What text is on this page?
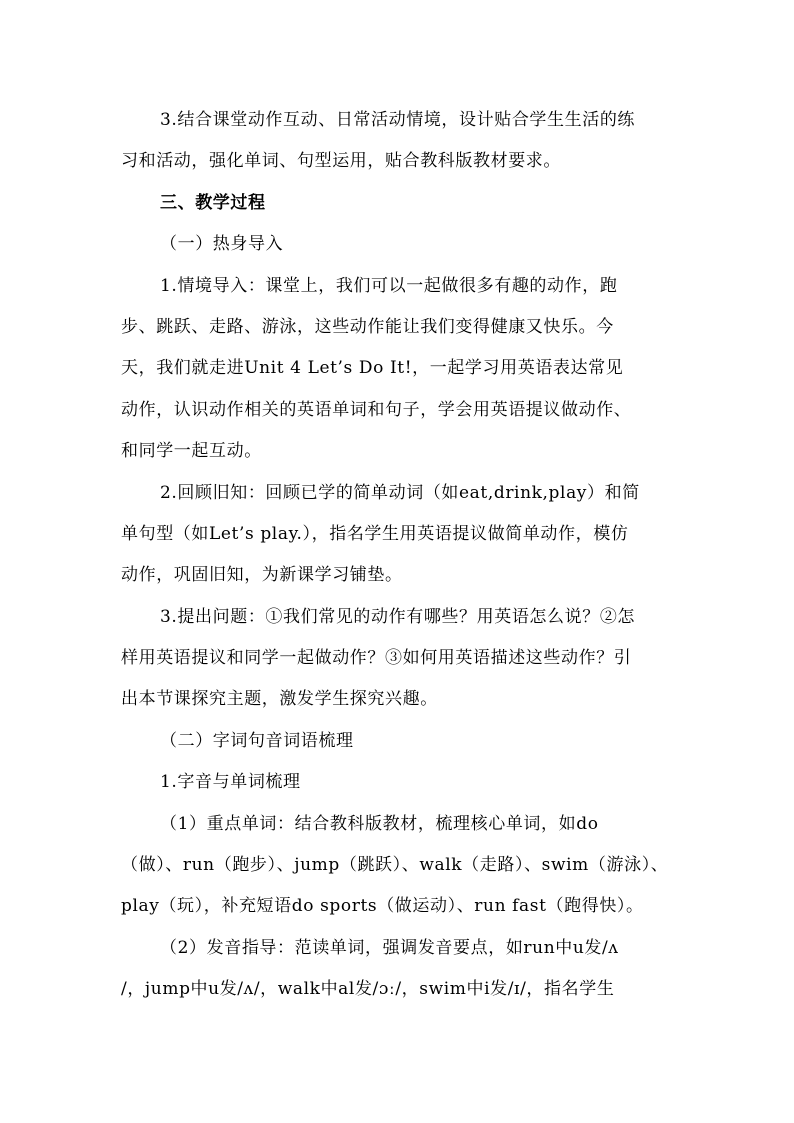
3.结合课堂动作互动、日常活动情境，设计贴合学生生活的练
习和活动，强化单词、句型运用，贴合教科版教材要求。
三、教学过程
（一）热身导入
1.情境导入：课堂上，我们可以一起做很多有趣的动作，跑
步、跳跃、走路、游泳，这些动作能让我们变得健康又快乐。今
天，我们就走进Unit 4 Let’s Do It!，一起学习用英语表达常见
动作，认识动作相关的英语单词和句子，学会用英语提议做动作、
和同学一起互动。
2.回顾旧知：回顾已学的简单动词（如eat,drink,play）和简
单句型（如Let’s play.），指名学生用英语提议做简单动作，模仿
动作，巩固旧知，为新课学习铺垫。
3.提出问题：①我们常见的动作有哪些？用英语怎么说？②怎
样用英语提议和同学一起做动作？③如何用英语描述这些动作？引
出本节课探究主题，激发学生探究兴趣。
（二）字词句音词语梳理
1.字音与单词梳理
（1）重点单词：结合教科版教材，梳理核心单词，如do
（做）、run（跑步）、jump（跳跃）、walk（走路）、swim（游泳）、
play（玩），补充短语do sports（做运动）、run fast（跑得快）。
（2）发音指导：范读单词，强调发音要点，如run中u发/ʌ
/，jump中u发/ʌ/，walk中al发/ɔː/，swim中i发/ɪ/，指名学生
